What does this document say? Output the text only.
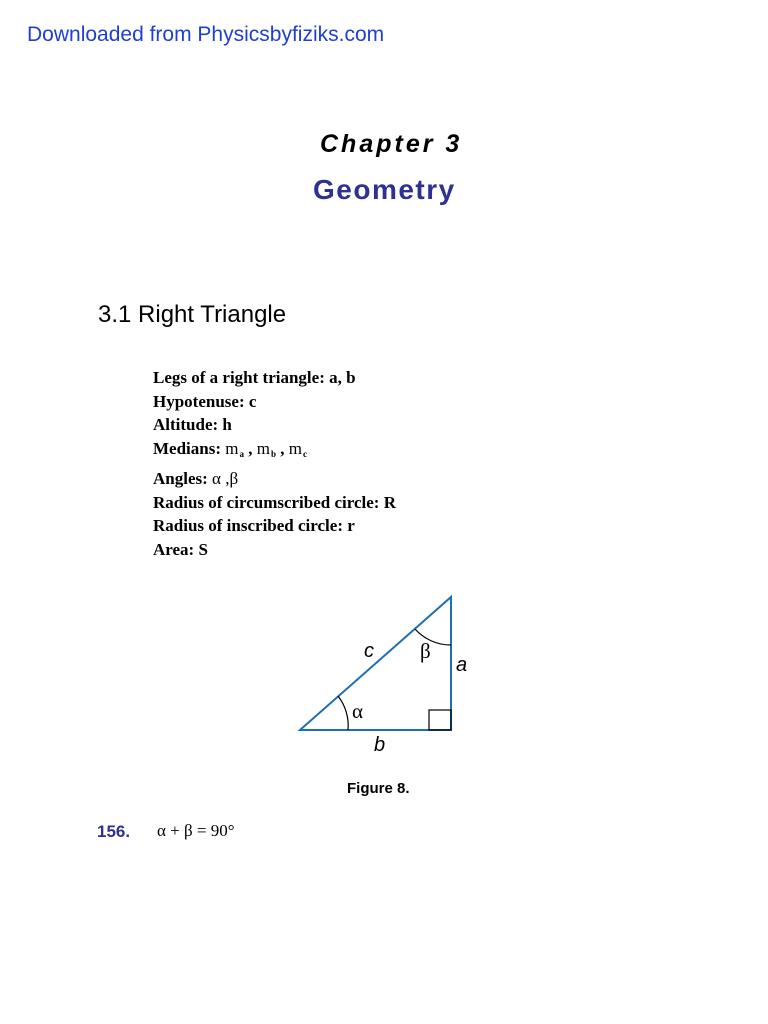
Downloaded from Physicsbyfiziks.com
Chapter 3
Geometry
3.1 Right Triangle
Legs of a right triangle: a, b
Hypotenuse: c
Altitude: h
Medians: $m_a$ , $m_b$ , $m_c$
Angles: α ,β
Radius of circumscribed circle: R
Radius of inscribed circle: r
Area: S
c
a
b
α
β
Figure 8.
156. α + β = 90°
